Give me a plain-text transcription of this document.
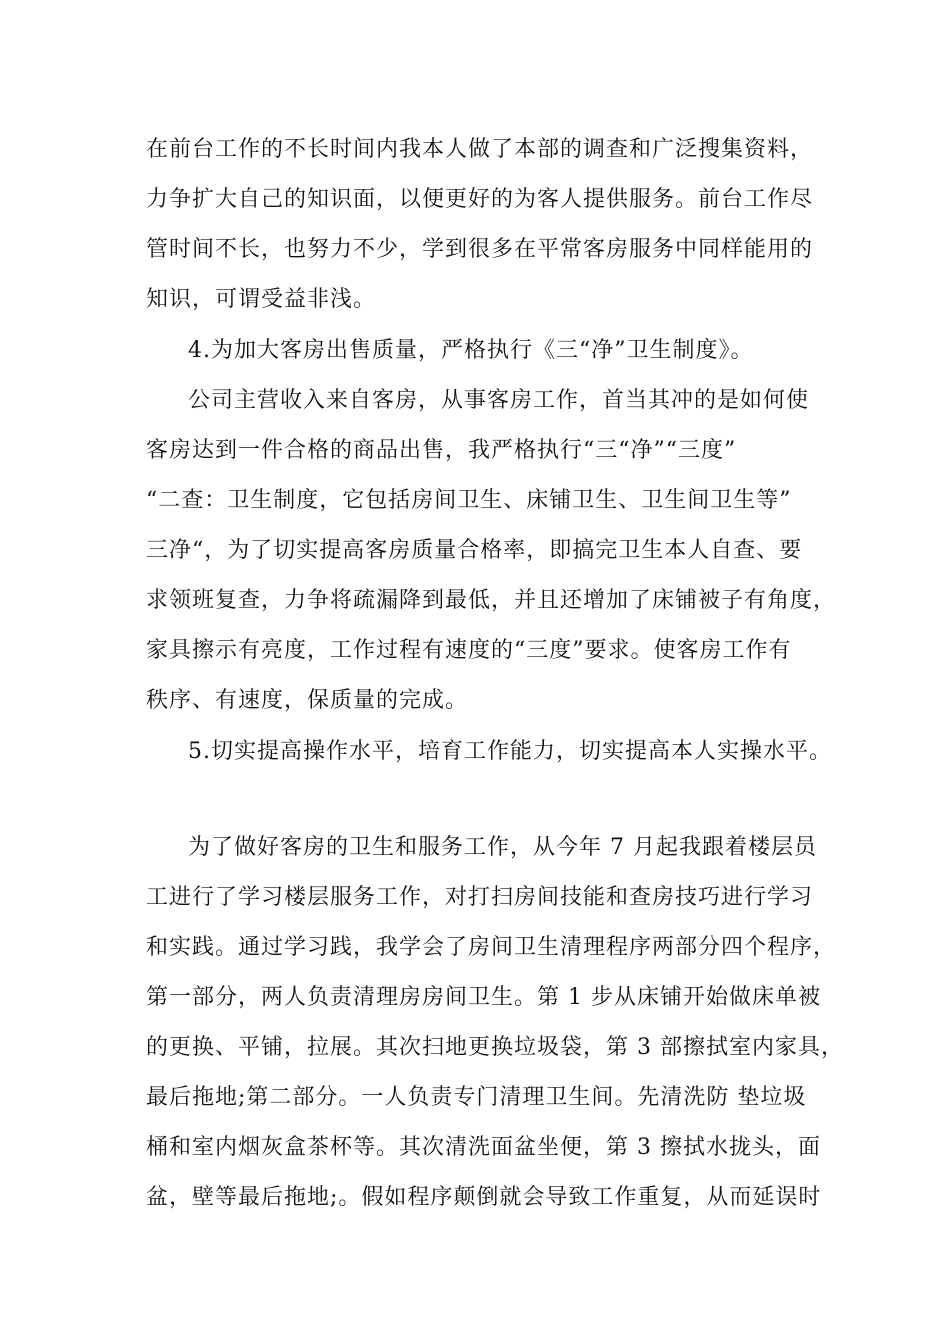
在前台工作的不长时间内我本人做了本部的调查和广泛搜集资料，
力争扩大自己的知识面，以便更好的为客人提供服务。前台工作尽
管时间不长，也努力不少，学到很多在平常客房服务中同样能用的
知识，可谓受益非浅。
4.为加大客房出售质量，严格执行《三“净”卫生制度》。
公司主营收入来自客房，从事客房工作，首当其冲的是如何使
客房达到一件合格的商品出售，我严格执行“三“净”“三度”
“二查：卫生制度，它包括房间卫生、床铺卫生、卫生间卫生等”
三净“，为了切实提高客房质量合格率，即搞完卫生本人自查、要
求领班复查，力争将疏漏降到最低，并且还增加了床铺被子有角度，
家具擦示有亮度，工作过程有速度的“三度”要求。使客房工作有
秩序、有速度，保质量的完成。
5.切实提高操作水平，培育工作能力，切实提高本人实操水平。
为了做好客房的卫生和服务工作，从今年 7 月起我跟着楼层员
工进行了学习楼层服务工作，对打扫房间技能和查房技巧进行学习
和实践。通过学习践，我学会了房间卫生清理程序两部分四个程序，
第一部分，两人负责清理房房间卫生。第 1 步从床铺开始做床单被
的更换、平铺，拉展。其次扫地更换垃圾袋，第 3 部擦拭室内家具，
最后拖地;第二部分。一人负责专门清理卫生间。先清洗防 垫垃圾
桶和室内烟灰盒茶杯等。其次清洗面盆坐便，第 3 擦拭水拢头，面
盆，壁等最后拖地;。假如程序颠倒就会导致工作重复，从而延误时
